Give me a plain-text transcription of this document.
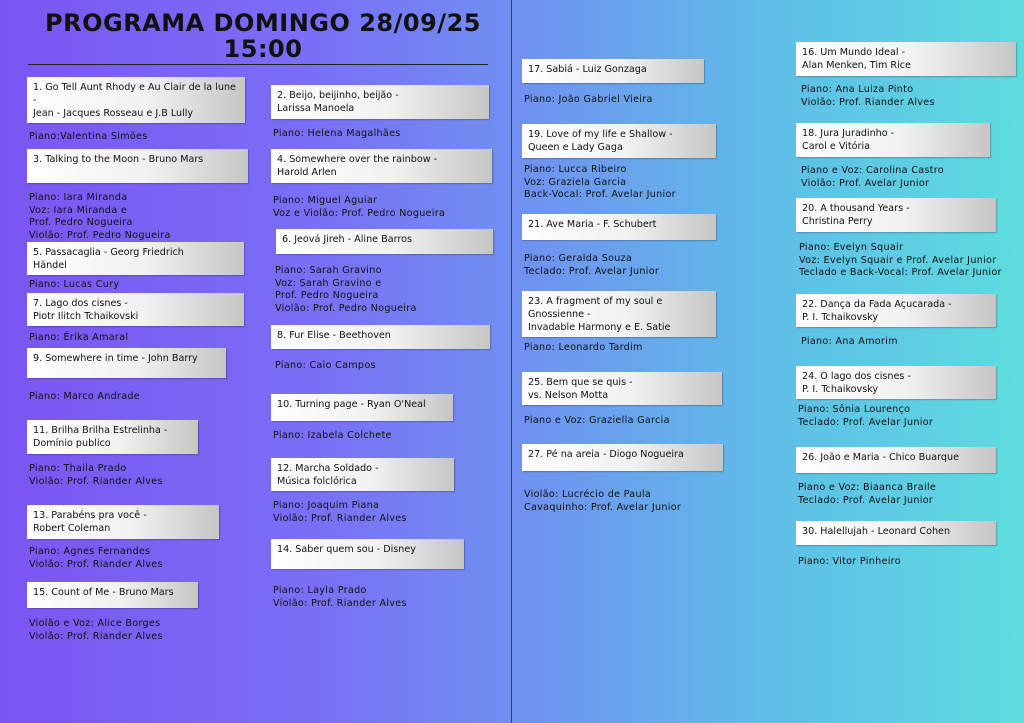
PROGRAMA DOMINGO 28/09/25 15:00
1. Go Tell Aunt Rhody e Au Clair de la lune -
Jean - Jacques Rosseau e J.B Lully
Piano:Valentina Simões
3. Talking to the Moon - Bruno Mars
Piano: Iara Miranda
Voz: Iara Miranda e
Prof. Pedro Nogueira
Violão: Prof. Pedro Nogueira
5. Passacaglia - Georg Friedrich
Händel
Piano: Lucas Cury
7. Lago dos cisnes -
Piotr Ilitch Tchaikovski
Piano: Érika Amaral
9. Somewhere in time - John Barry
Piano: Marco Andrade
11. Brilha Brilha Estrelinha -
Domínio publico
Piano: Thaila Prado
Violão: Prof. Riander Alves
13. Parabéns pra você -
Robert Coleman
Piano: Agnes Fernandes
Violão: Prof. Riander Alves
15. Count of Me - Bruno Mars
Violão e Voz: Alice Borges
Violão: Prof. Riander Alves
2. Beijo, beijinho, beijão -
Larissa Manoela
Piano: Helena Magalhães
4. Somewhere over the rainbow -
Harold Arlen
Piano: Miguel Aguiar
Voz e Violão: Prof. Pedro Nogueira
6. Jeová Jireh - Aline Barros
Piano: Sarah Gravino
Voz: Sarah Gravino e
Prof. Pedro Nogueira
Violão: Prof. Pedro Nogueira
8. Fur Elise - Beethoven
Piano: Caio Campos
10. Turning page - Ryan O'Neal
Piano: Izabela Colchete
12. Marcha Soldado -
Música folclórica
Piano: Joaquim Piana
Violão: Prof. Riander Alves
14. Saber quem sou - Disney
Piano: Layla Prado
Violão: Prof. Riander Alves
17. Sabiá - Luiz Gonzaga
Piano: João Gabriel Vieira
19. Love of my life e Shallow -
Queen e Lady Gaga
Piano: Lucca Ribeiro
Voz: Graziela Garcia
Back-Vocal: Prof. Avelar Junior
21. Ave Maria - F. Schubert
Piano: Geralda Souza
Teclado: Prof. Avelar Junior
23. A fragment of my soul e
Gnossienne -
Invadable Harmony e E. Satie
Piano: Leonardo Tardim
25. Bem que se quis -
vs. Nelson Motta
Piano e Voz: Graziella Garcia
27. Pé na areia - Diogo Nogueira
Violão: Lucrécio de Paula
Cavaquinho: Prof. Avelar Junior
16. Um Mundo Ideal -
Alan Menken, Tim Rice
Piano: Ana Luiza Pinto
Violão: Prof. Riander Alves
18. Jura Juradinho -
Carol e Vitória
Piano e Voz: Carolina Castro
Violão: Prof. Avelar Junior
20. A thousand Years -
Christina Perry
Piano: Evelyn Squair
Voz: Evelyn Squair e Prof. Avelar Junior
Teclado e Back-Vocal: Prof. Avelar Junior
22. Dança da Fada Açucarada -
P. I. Tchaikovsky
Piano: Ana Amorim
24. O lago dos cisnes -
P. I. Tchaikovsky
Piano: Sônia Lourenço
Teclado: Prof. Avelar Junior
26. João e Maria - Chico Buarque
Piano e Voz: Biaanca Braile
Teclado: Prof. Avelar Junior
30. Halellujah - Leonard Cohen
Piano: Vitor Pinheiro
